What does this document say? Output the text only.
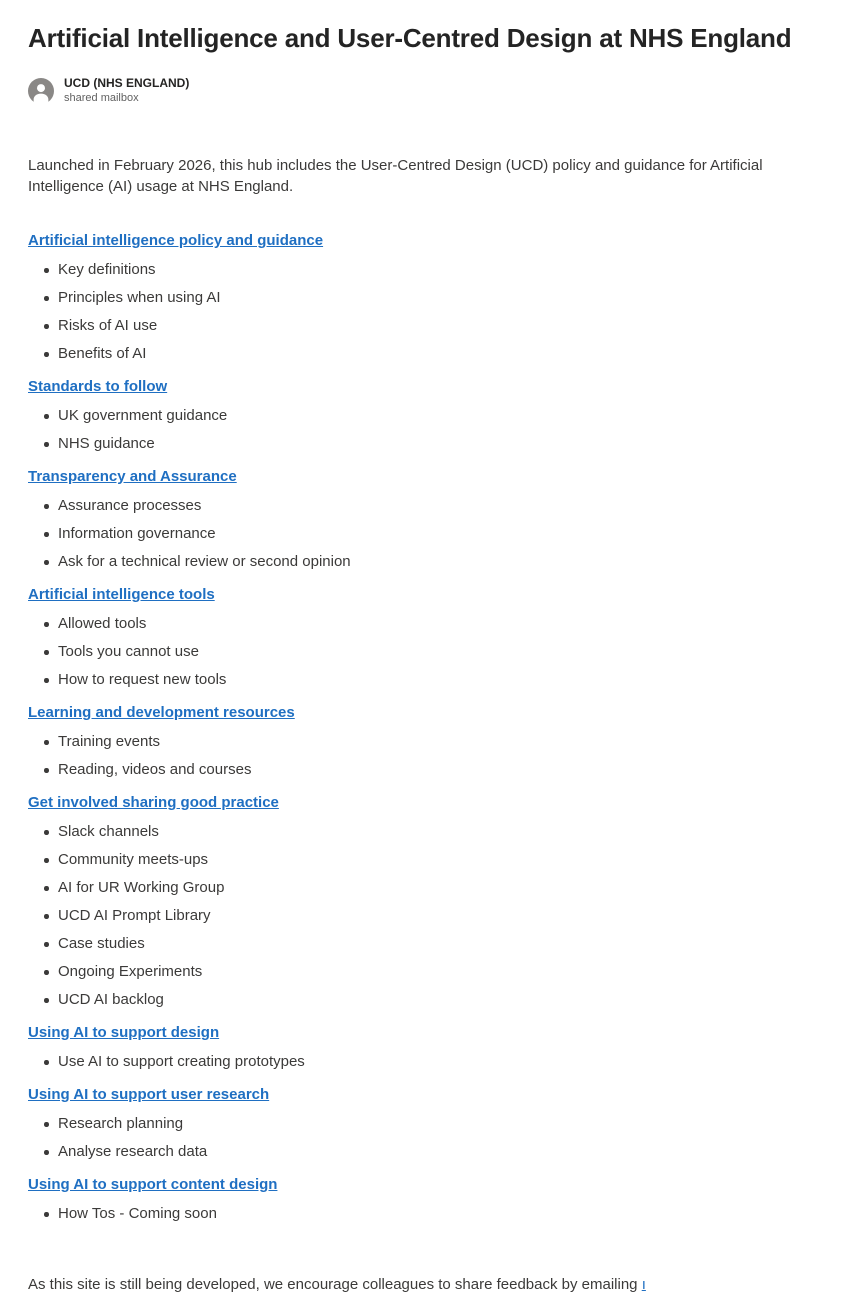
Artificial Intelligence and User-Centred Design at NHS England
UCD (NHS ENGLAND)
shared mailbox

Launched in February 2026, this hub includes the User-Centred Design (UCD) policy and guidance for Artificial Intelligence (AI) usage at NHS England.

Artificial intelligence policy and guidance
Key definitions
Principles when using AI
Risks of AI use
Benefits of AI
Standards to follow
UK government guidance
NHS guidance
Transparency and Assurance
Assurance processes
Information governance
Ask for a technical review or second opinion
Artificial intelligence tools
Allowed tools
Tools you cannot use
How to request new tools
Learning and development resources
Training events
Reading, videos and courses
Get involved sharing good practice
Slack channels
Community meets-ups
AI for UR Working Group
UCD AI Prompt Library
Case studies
Ongoing Experiments
UCD AI backlog
Using AI to support design
Use AI to support creating prototypes
Using AI to support user research
Research planning
Analyse research data
Using AI to support content design
How Tos - Coming soon

As this site is still being developed, we encourage colleagues to share feedback by emailing ı
